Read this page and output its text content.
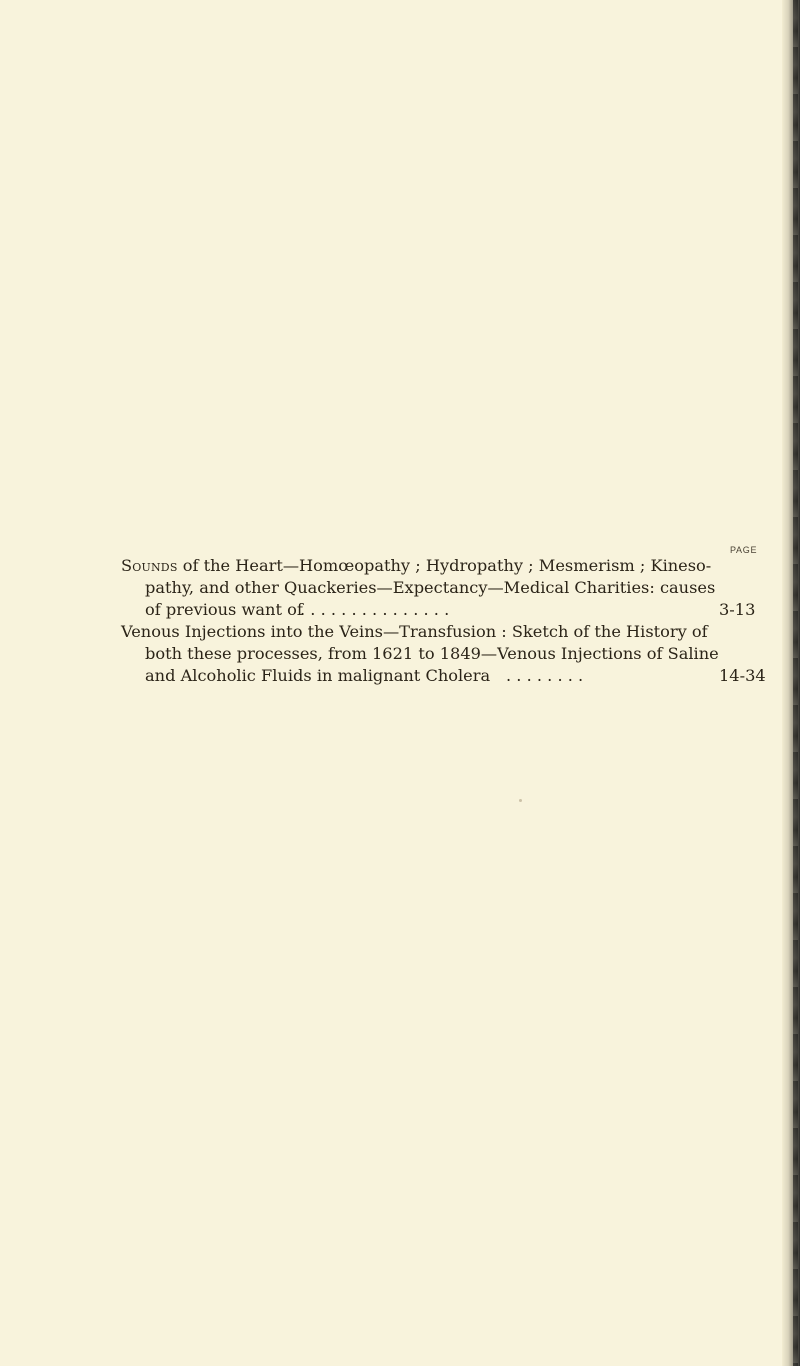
PAGE
Sounds of the Heart—Homœopathy ; Hydropathy ; Mesmerism ; Kineso-
pathy, and other Quackeries—Expectancy—Medical Charities: causes
of previous want of
. . . . . . . . . . . . . . .	3-13
Venous Injections into the Veins—Transfusion : Sketch of the History of
both these processes, from 1621 to 1849—Venous Injections of Saline
and Alcoholic Fluids in malignant Cholera . . . . . . . .	14-34
